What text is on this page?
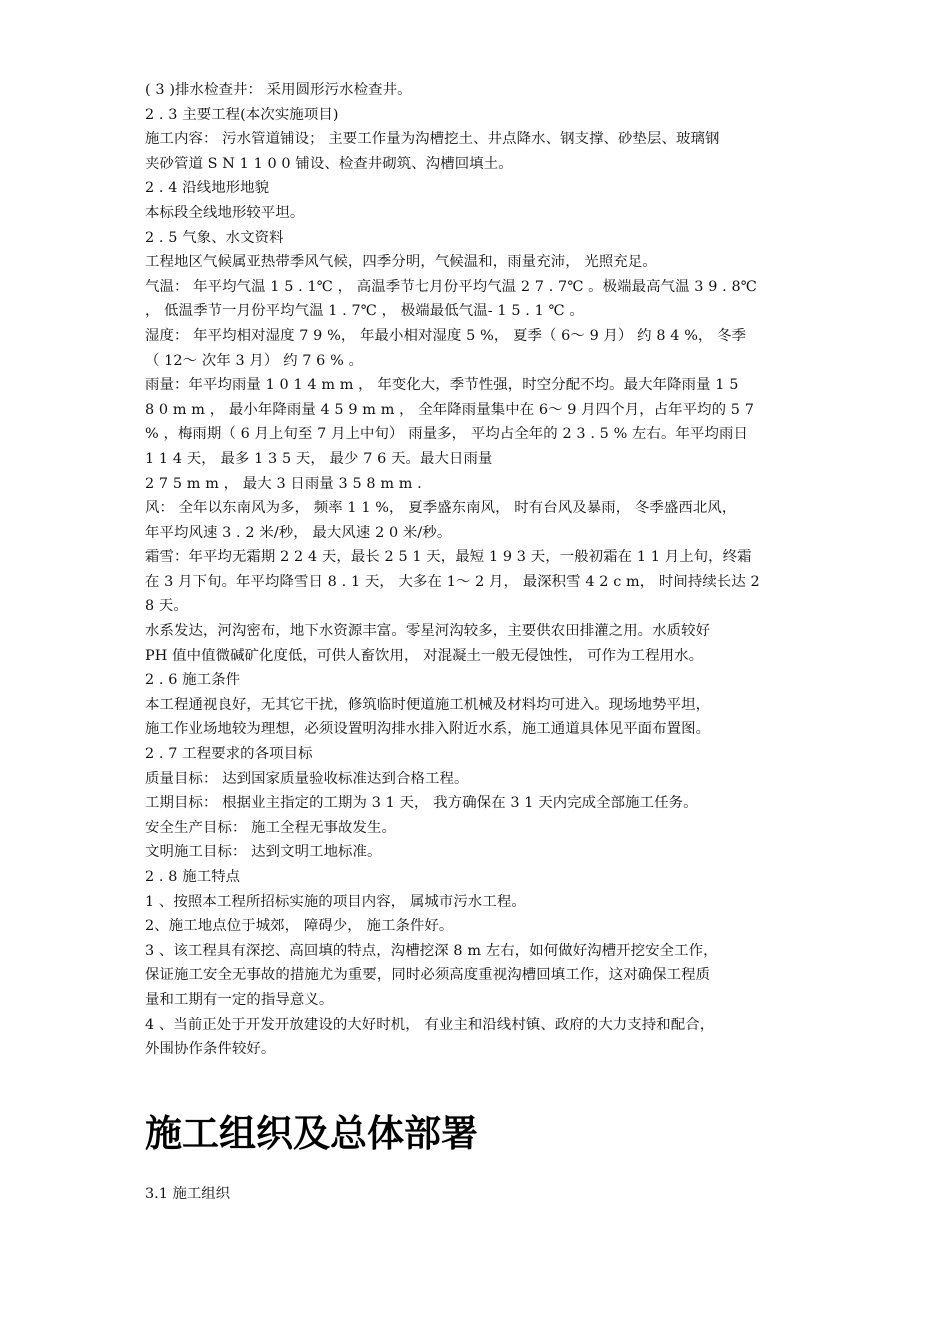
( 3 )排水检查井： 采用圆形污水检查井。
2 . 3 主要工程(本次实施项目)
施工内容： 污水管道铺设； 主要工作量为沟槽挖土、井点降水、钢支撑、砂垫层、玻璃钢
夹砂管道 S N 1 1 0 0 铺设、检查井砌筑、沟槽回填土。
2 . 4 沿线地形地貌
本标段全线地形较平坦。
2 . 5 气象、水文资料
工程地区气候属亚热带季风气候，四季分明，气候温和，雨量充沛， 光照充足。
气温： 年平均气温 1 5 . 1℃ ， 高温季节七月份平均气温 2 7 . 7℃ 。极端最高气温 3 9 . 8℃
， 低温季节一月份平均气温 1 . 7℃ ， 极端最低气温- 1 5 . 1 ℃ 。
湿度： 年平均相对湿度 7 9 %， 年最小相对湿度 5 %， 夏季（ 6～ 9 月） 约 8 4 %， 冬季
（ 12～ 次年 3 月） 约 7 6 % 。
雨量：年平均雨量 1 0 1 4 m m ， 年变化大，季节性强，时空分配不均。最大年降雨量 1 5
8 0 m m ， 最小年降雨量 4 5 9 m m ， 全年降雨量集中在 6～ 9 月四个月，占年平均的 5 7
% ，梅雨期（ 6 月上旬至 7 月上中旬） 雨量多， 平均占全年的 2 3 . 5 % 左右。年平均雨日
1 1 4 天， 最多 1 3 5 天， 最少 7 6 天。最大日雨量
2 7 5 m m ， 最大 3 日雨量 3 5 8 m m .
风： 全年以东南风为多， 频率 1 1 %， 夏季盛东南风， 时有台风及暴雨， 冬季盛西北风，
年平均风速 3 . 2 米/秒， 最大风速 2 0 米/秒。
霜雪：年平均无霜期 2 2 4 天，最长 2 5 1 天，最短 1 9 3 天，一般初霜在 1 1 月上旬，终霜
在 3 月下旬。年平均降雪日 8 . 1 天， 大多在 1～ 2 月， 最深积雪 4 2 c m， 时间持续长达 2
8 天。
水系发达，河沟密布，地下水资源丰富。零星河沟较多，主要供农田排灌之用。水质较好
PH 值中值微碱矿化度低，可供人畜饮用， 对混凝土一般无侵蚀性， 可作为工程用水。
2 . 6 施工条件
本工程通视良好，无其它干扰，修筑临时便道施工机械及材料均可进入。现场地势平坦，
施工作业场地较为理想，必须设置明沟排水排入附近水系，施工通道具体见平面布置图。
2 . 7 工程要求的各项目标
质量目标： 达到国家质量验收标准达到合格工程。
工期目标： 根据业主指定的工期为 3 1 天， 我方确保在 3 1 天内完成全部施工任务。
安全生产目标： 施工全程无事故发生。
文明施工目标： 达到文明工地标准。
2 . 8 施工特点
1 、按照本工程所招标实施的项目内容， 属城市污水工程。
2、施工地点位于城郊， 障碍少， 施工条件好。
3 、该工程具有深挖、高回填的特点，沟槽挖深 8 m 左右，如何做好沟槽开挖安全工作，
保证施工安全无事故的措施尤为重要，同时必须高度重视沟槽回填工作，这对确保工程质
量和工期有一定的指导意义。
4 、当前正处于开发开放建设的大好时机， 有业主和沿线村镇、政府的大力支持和配合，
外围协作条件较好。
施工组织及总体部署
3.1 施工组织
